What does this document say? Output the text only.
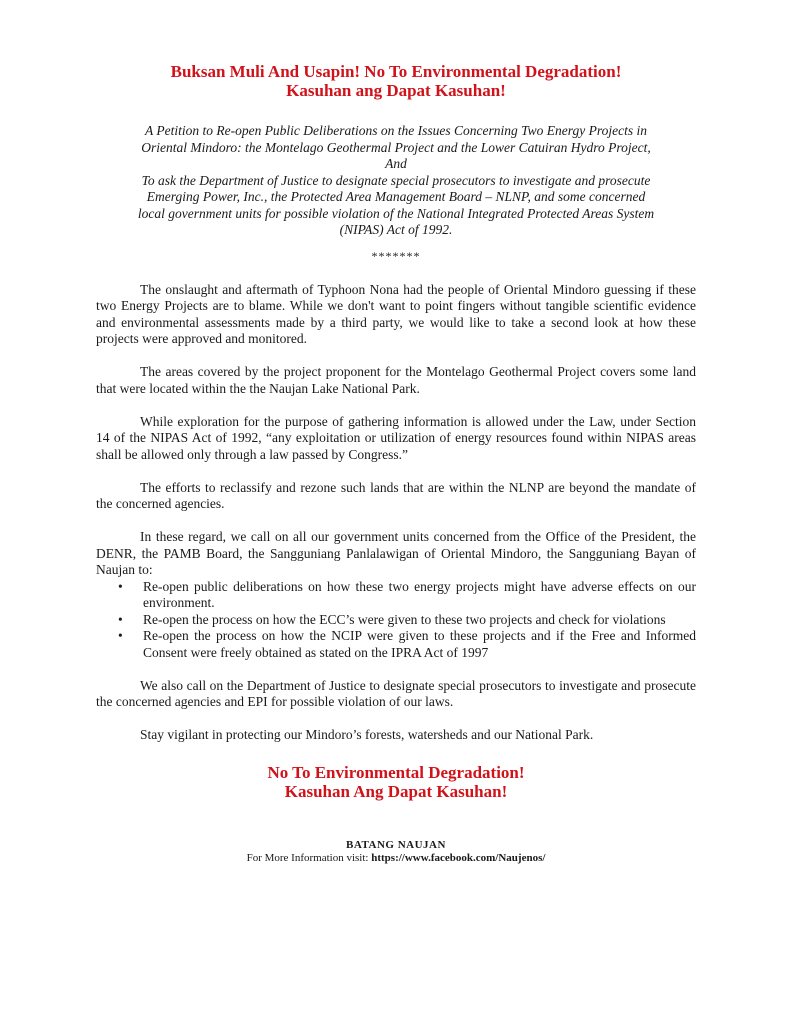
Buksan Muli And Usapin! No To Environmental Degradation!
Kasuhan ang Dapat Kasuhan!
A Petition to Re-open Public Deliberations on the Issues Concerning Two Energy Projects in
Oriental Mindoro: the Montelago Geothermal Project and the Lower Catuiran Hydro Project,
And
To ask the Department of Justice to designate special prosecutors to investigate and prosecute
Emerging Power, Inc., the Protected Area Management Board – NLNP, and some concerned
local government units for possible violation of the National Integrated Protected Areas System
(NIPAS) Act of 1992.
*******

The onslaught and aftermath of Typhoon Nona had the people of Oriental Mindoro guessing if these two Energy Projects are to blame. While we don't want to point fingers without tangible scientific evidence and environmental assessments made by a third party, we would like to take a second look at how these projects were approved and monitored.

The areas covered by the project proponent for the Montelago Geothermal Project covers some land that were located within the the Naujan Lake National Park.

While exploration for the purpose of gathering information is allowed under the Law, under Section 14 of the NIPAS Act of 1992, “any exploitation or utilization of energy resources found within NIPAS areas shall be allowed only through a law passed by Congress.”

The efforts to reclassify and rezone such lands that are within the NLNP are beyond the mandate of the concerned agencies.

In these regard, we call on all our government units concerned from the Office of the President, the DENR, the PAMB Board, the Sangguniang Panlalawigan of Oriental Mindoro, the Sangguniang Bayan of Naujan to:

• Re-open public deliberations on how these two energy projects might have adverse effects on our environment.
• Re-open the process on how the ECC’s were given to these two projects and check for violations
• Re-open the process on how the NCIP were given to these projects and if the Free and Informed Consent were freely obtained as stated on the IPRA Act of 1997

We also call on the Department of Justice to designate special prosecutors to investigate and prosecute the concerned agencies and EPI for possible violation of our laws.

Stay vigilant in protecting our Mindoro’s forests, watersheds and our National Park.

No To Environmental Degradation!
Kasuhan Ang Dapat Kasuhan!
BATANG NAUJAN
For More Information visit: https://www.facebook.com/Naujenos/
